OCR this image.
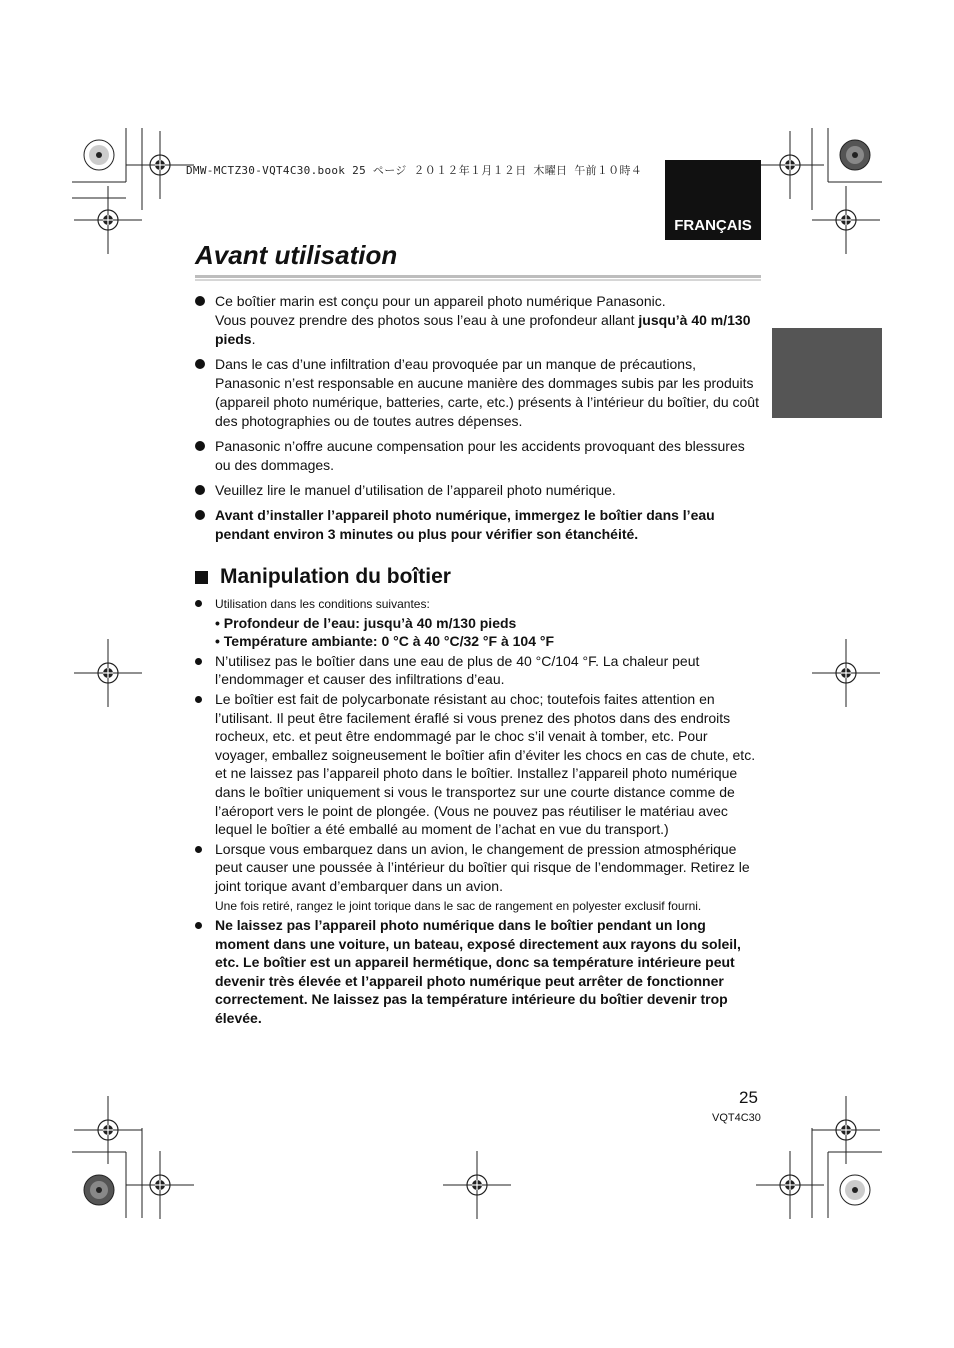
DMW-MCTZ30-VQT4C30.book 25 ページ ２０１２年１月１２日 木曜日 午前１０時４
FRANÇAIS
Avant utilisation
Ce boîtier marin est conçu pour un appareil photo numérique Panasonic.
Vous pouvez prendre des photos sous l’eau à une profondeur allant jusqu’à 40 m/130 pieds.
Dans le cas d’une infiltration d’eau provoquée par un manque de précautions, Panasonic n’est responsable en aucune manière des dommages subis par les produits (appareil photo numérique, batteries, carte, etc.) présents à l’intérieur du boîtier, du coût des photographies ou de toutes autres dépenses.
Panasonic n’offre aucune compensation pour les accidents provoquant des blessures ou des dommages.
Veuillez lire le manuel d’utilisation de l’appareil photo numérique.
Avant d’installer l’appareil photo numérique, immergez le boîtier dans l’eau pendant environ 3 minutes ou plus pour vérifier son étanchéité.
Manipulation du boîtier
Utilisation dans les conditions suivantes:
• Profondeur de l’eau: jusqu’à 40 m/130 pieds
• Température ambiante: 0 °C à 40 °C/32 °F à 104 °F
N’utilisez pas le boîtier dans une eau de plus de 40 °C/104 °F. La chaleur peut l’endommager et causer des infiltrations d’eau.
Le boîtier est fait de polycarbonate résistant au choc; toutefois faites attention en l’utilisant. Il peut être facilement éraflé si vous prenez des photos dans des endroits rocheux, etc. et peut être endommagé par le choc s’il venait à tomber, etc. Pour voyager, emballez soigneusement le boîtier afin d’éviter les chocs en cas de chute, etc. et ne laissez pas l’appareil photo dans le boîtier. Installez l’appareil photo numérique dans le boîtier uniquement si vous le transportez sur une courte distance comme de l’aéroport vers le point de plongée. (Vous ne pouvez pas réutiliser le matériau avec lequel le boîtier a été emballé au moment de l’achat en vue du transport.)
Lorsque vous embarquez dans un avion, le changement de pression atmosphérique peut causer une poussée à l’intérieur du boîtier qui risque de l’endommager. Retirez le joint torique avant d’embarquer dans un avion.
Une fois retiré, rangez le joint torique dans le sac de rangement en polyester exclusif fourni.
Ne laissez pas l’appareil photo numérique dans le boîtier pendant un long moment dans une voiture, un bateau, exposé directement aux rayons du soleil, etc. Le boîtier est un appareil hermétique, donc sa température intérieure peut devenir très élevée et l’appareil photo numérique peut arrêter de fonctionner correctement. Ne laissez pas la température intérieure du boîtier devenir trop élevée.
25
VQT4C30
